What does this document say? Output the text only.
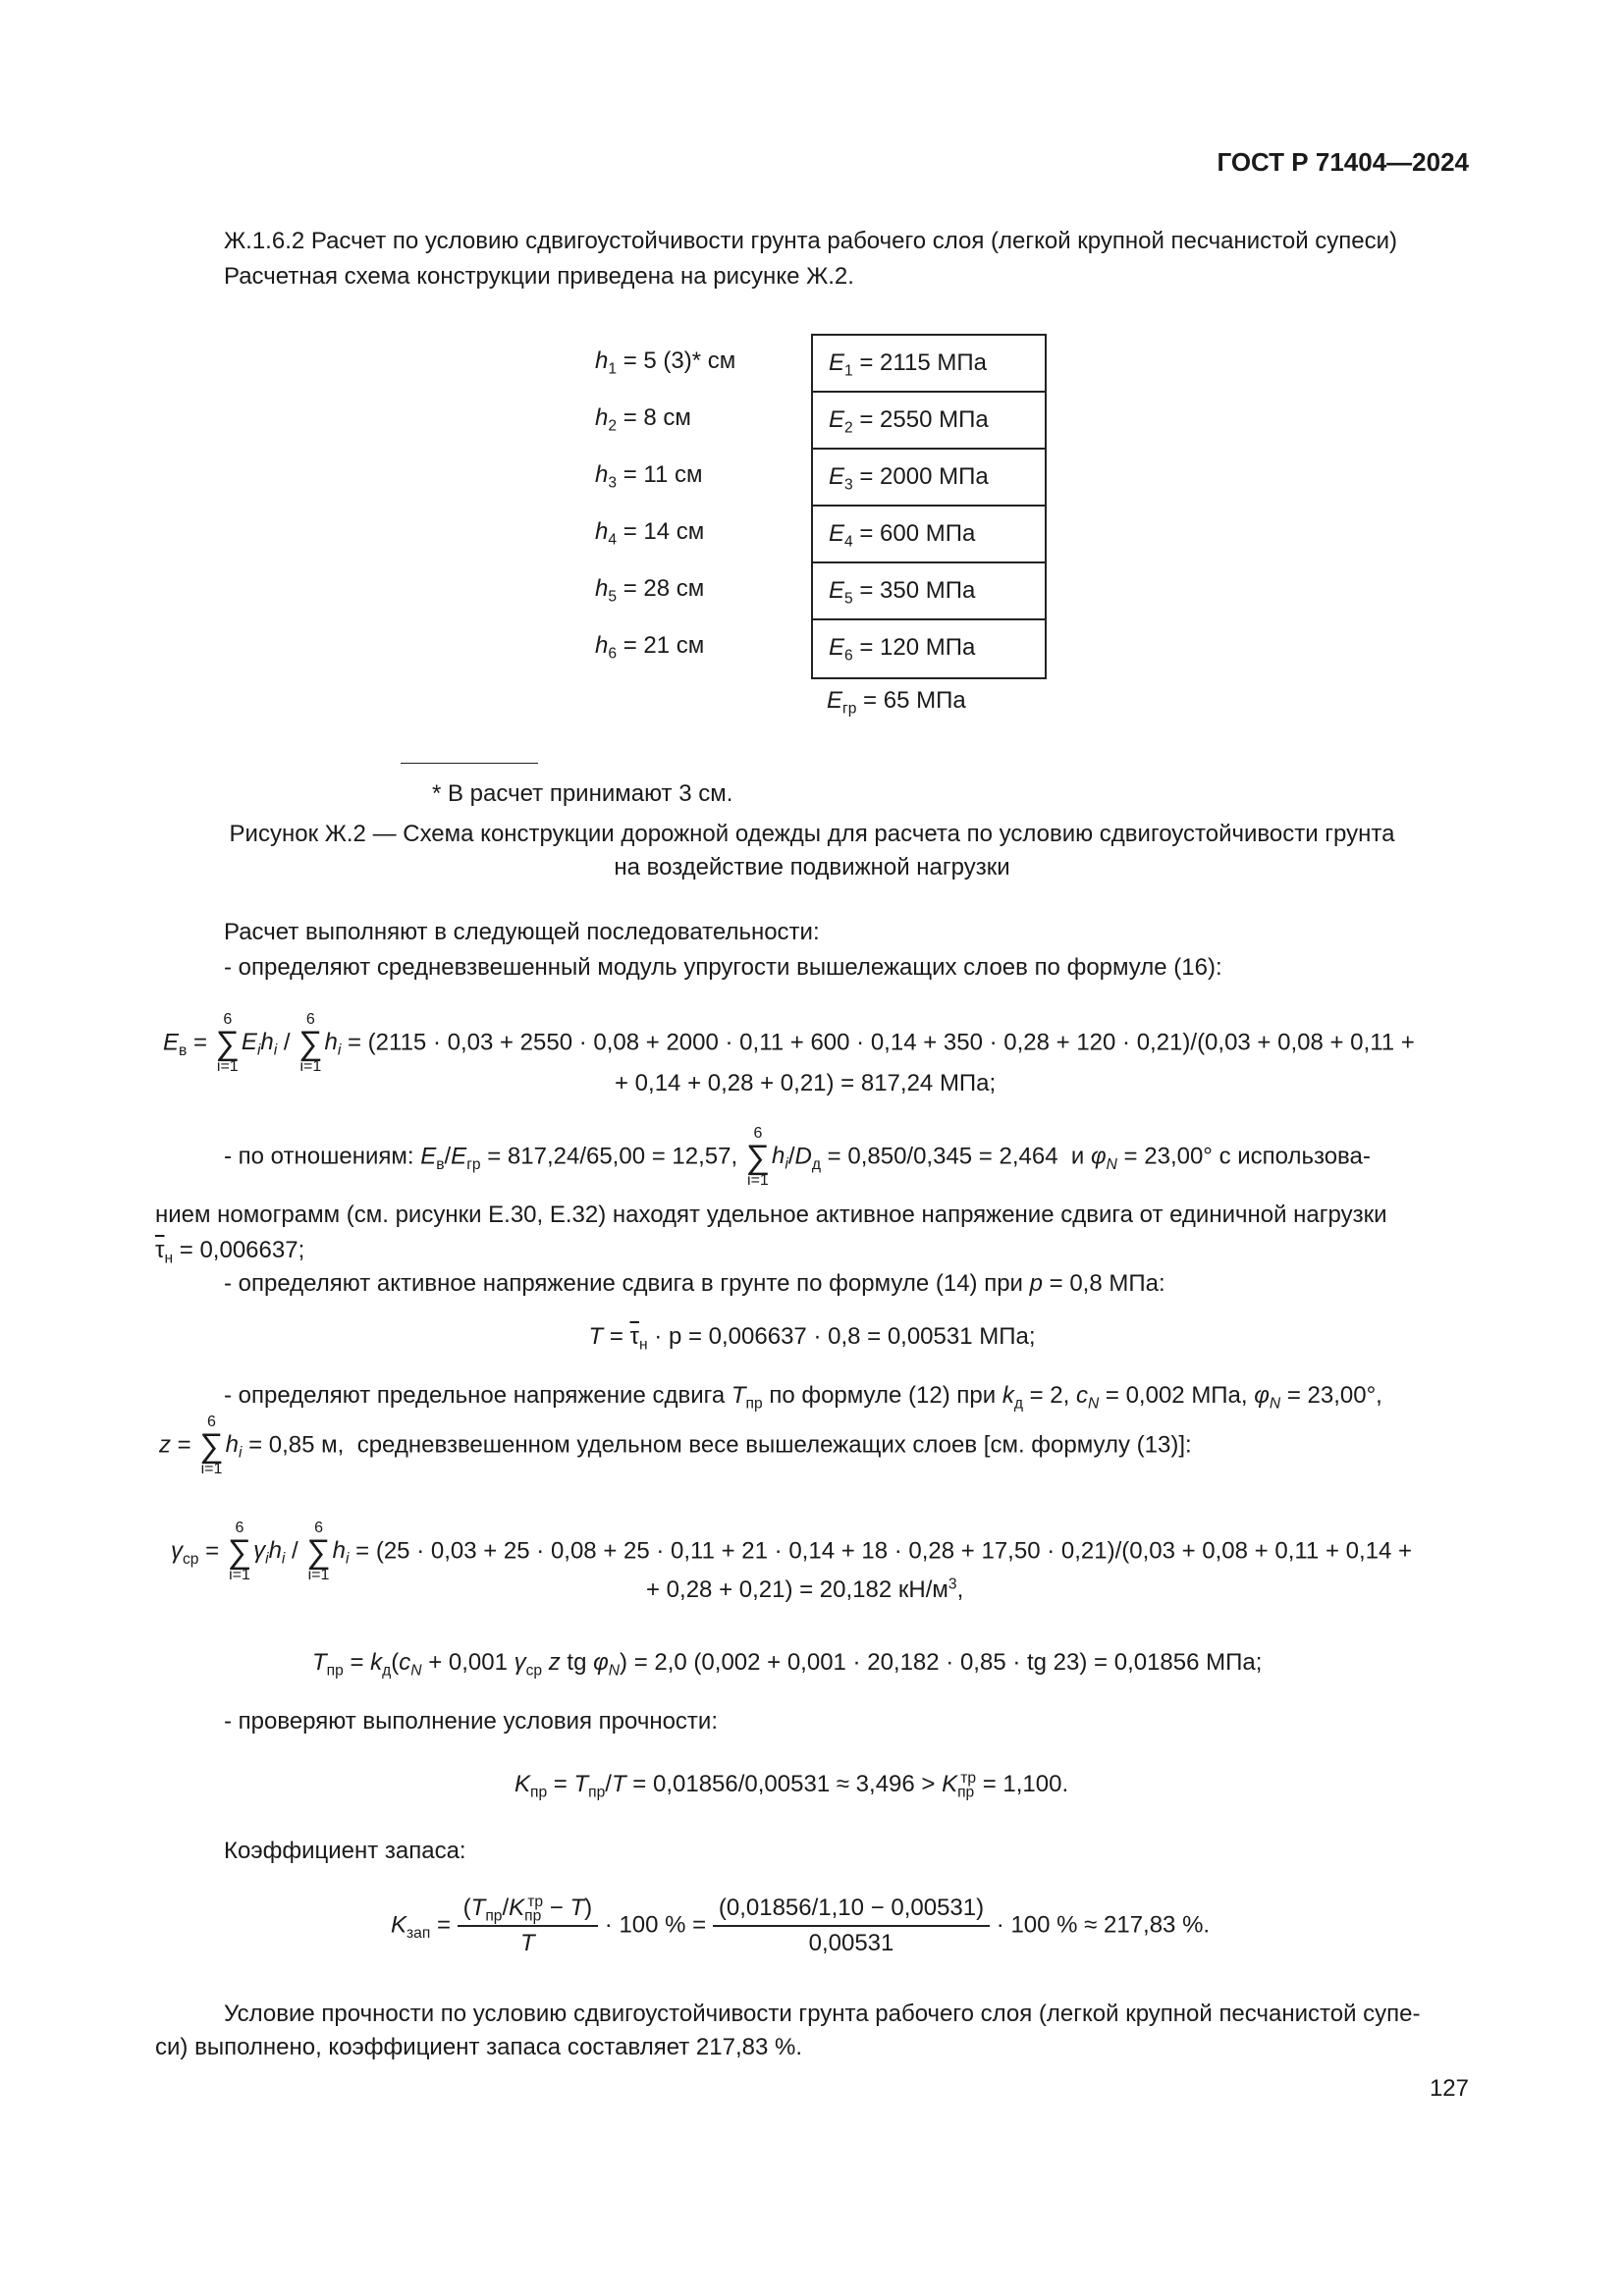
ГОСТ Р 71404—2024
Ж.1.6.2 Расчет по условию сдвигоустойчивости грунта рабочего слоя (легкой крупной песчанистой супеси)
Расчетная схема конструкции приведена на рисунке Ж.2.
$h_1 = 5$ (3)* см
$h_2 = 8$ см
$h_3 = 11$ см
$h_4 = 14$ см
$h_5 = 28$ см
$h_6 = 21$ см
$E_1 = 2115$ МПа
$E_2 = 2550$ МПа
$E_3 = 2000$ МПа
$E_4 = 600$ МПа
$E_5 = 350$ МПа
$E_6 = 120$ МПа
$E_{гр} = 65$ МПа
* В расчет принимают 3 см.
Рисунок Ж.2 — Схема конструкции дорожной одежды для расчета по условию сдвигоустойчивости грунта
на воздействие подвижной нагрузки
Расчет выполняют в следующей последовательности:
- определяют средневзвешенный модуль упругости вышележащих слоев по формуле (16):
$E_в$ =
6
∑
i=1
$E_ih_i$ /
6
∑
i=1
$h_i = (2115 \cdot 0,03 + 2550 \cdot 0,08 + 2000 \cdot 0,11 + 600 \cdot 0,14 + 350 \cdot 0,28 + 120 \cdot 0,21)/(0,03 + 0,08 + 0,11$ +
+ 0,14 + 0,28 + 0,21) = 817,24 МПа;
- по отношениям: $E_в/E_{гр} = 817,24/65,00 = 12,57$,
6
∑
i=1
$h_i/D_д = 0,850/0,345 = 2,464$  и $\varphi_N = 23,00^\circ$ с использова-
нием номограмм (см. рисунки Е.30, Е.32) находят удельное активное напряжение сдвига от единичной нагрузки
$\overline{\tau}_н = 0,006637$;
- определяют активное напряжение сдвига в грунте по формуле (14) при p = 0,8 МПа:
$T = \overline{\tau}_н \cdot p = 0,006637 \cdot 0,8 = 0,00531$ МПа;
- определяют предельное напряжение сдвига $T_{пр}$ по формуле (12) при $k_д = 2$, $c_N = 0,002$ МПа, $\varphi_N = 23,00^\circ$,
z =
6
∑
i=1
$h_i = 0,85$ м, средневзвешенном удельном весе вышележащих слоев [см. формулу (13)]:
$\gamma_{ср}$ =
6
∑
i=1
$\gamma_ih_i$ /
6
∑
i=1
$h_i = (25 \cdot 0,03 + 25 \cdot 0,08 + 25 \cdot 0,11 + 21 \cdot 0,14 + 18 \cdot 0,28 + 17,50 \cdot 0,21)/(0,03 + 0,08 + 0,11 + 0,14$ +
+ 0,28 + 0,21) = 20,182 $кН/м^3$,
$T_{пр} = k_д(c_N + 0,001$ $\gamma_{ср}$ z tg $\varphi_N) = 2,0$ (0,002 + 0,001 · 20,182 · 0,85 · tg 23) = 0,01856 МПа;
- проверяют выполнение условия прочности:
$K_{пр} = T_{пр}/T = 0,01856/0,00531 \approx 3,496 > K_{пр}^{тр} = 1,100$.
Коэффициент запаса:
$K_{зап} = \frac{(T_{пр}/K_{пр}^{тр} - T)}{T} \cdot 100$ % = $\frac{(0,01856/1,10 - 0,00531)}{0,00531} \cdot 100$ % ≈ 217,83 %.
Условие прочности по условию сдвигоустойчивости грунта рабочего слоя (легкой крупной песчанистой супе-
си) выполнено, коэффициент запаса составляет 217,83 %.
127
